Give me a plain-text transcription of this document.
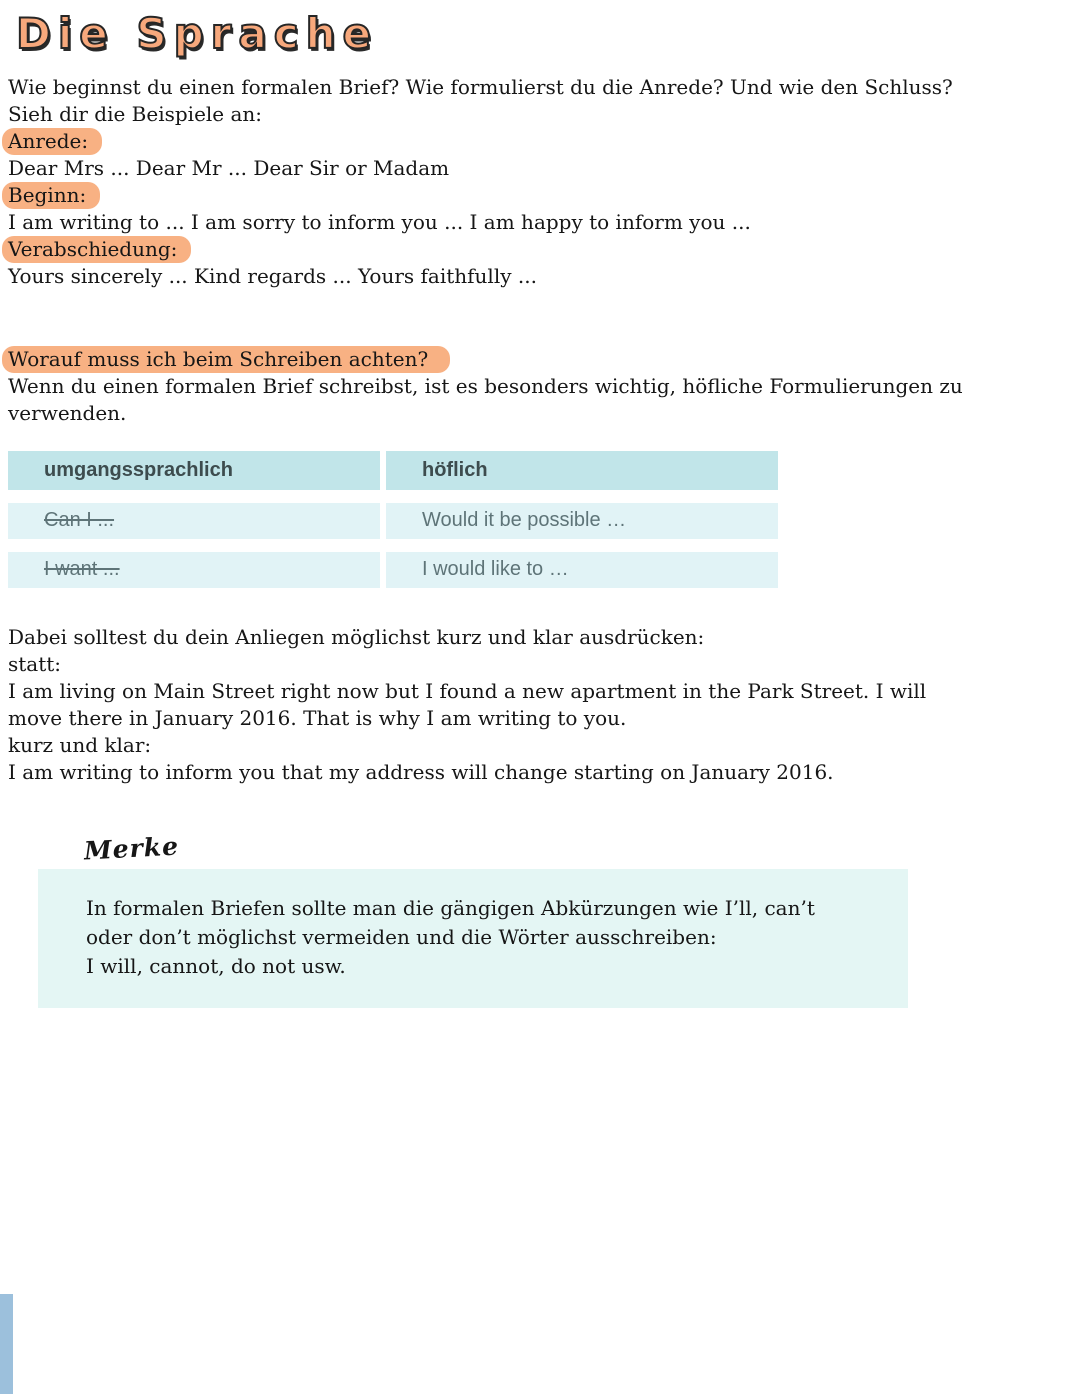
Die Sprache
Wie beginnst du einen formalen Brief? Wie formulierst du die Anrede? Und wie den Schluss?
Sieh dir die Beispiele an:
Anrede:
Dear Mrs ... Dear Mr ... Dear Sir or Madam
Beginn:
I am writing to ... I am sorry to inform you ... I am happy to inform you ...
Verabschiedung:
Yours sincerely ... Kind regards ... Yours faithfully ...
Worauf muss ich beim Schreiben achten?
Wenn du einen formalen Brief schreibst, ist es besonders wichtig, höfliche Formulierungen zu
verwenden.
umgangssprachlich	höflich
Can I ...	Would it be possible …
I want ...	I would like to …
Dabei solltest du dein Anliegen möglichst kurz und klar ausdrücken:
statt:
I am living on Main Street right now but I found a new apartment in the Park Street. I will
move there in January 2016. That is why I am writing to you.
kurz und klar:
I am writing to inform you that my address will change starting on January 2016.
Merke
In formalen Briefen sollte man die gängigen Abkürzungen wie I’ll, can’t
oder don’t möglichst vermeiden und die Wörter ausschreiben:
I will, cannot, do not usw.
